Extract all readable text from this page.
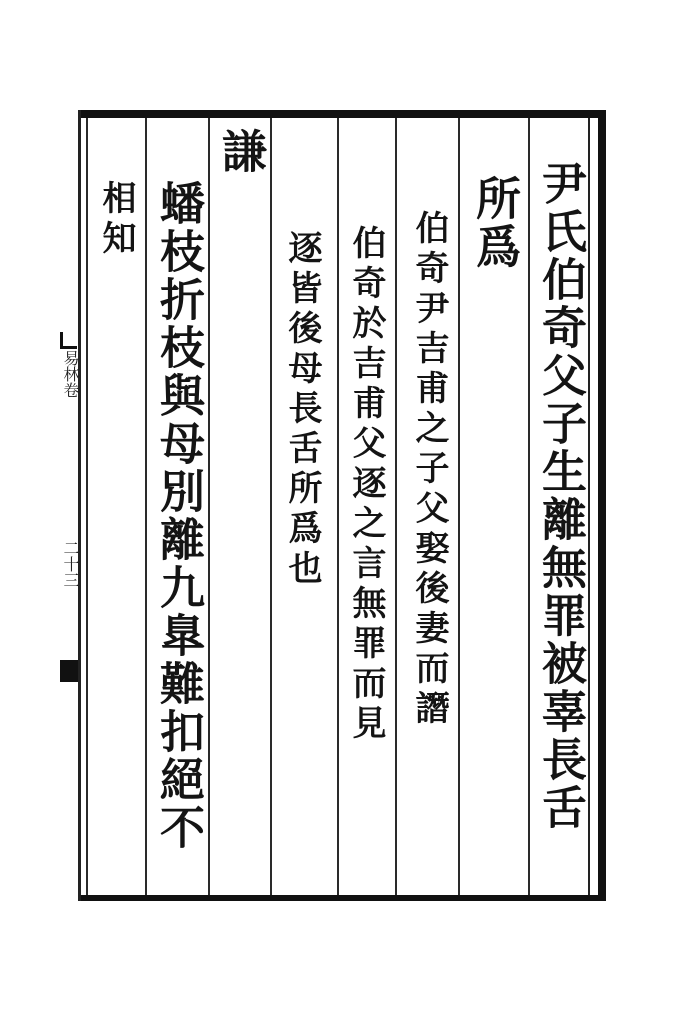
尹氏伯奇父子生離無罪被辜長舌
所爲
伯奇尹吉甫之子父娶後妻而譖
伯奇於吉甫父逐之言無罪而見
逐皆後母長舌所爲也
謙
蟠枝折枝與母別離九臯難扣絕不
相知
易林卷
二十三
